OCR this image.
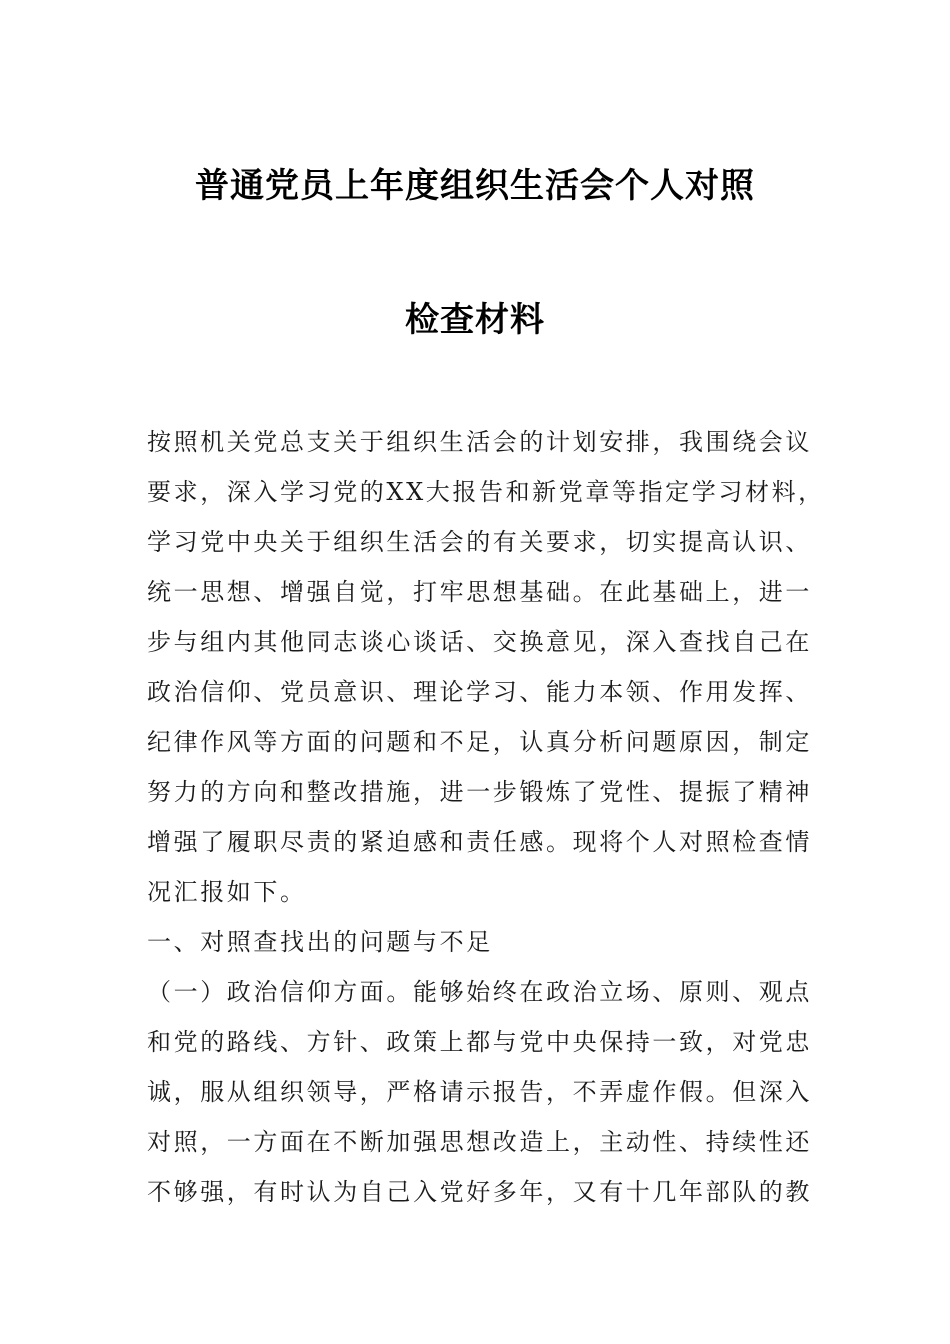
普通党员上年度组织生活会个人对照
检查材料
按照机关党总支关于组织生活会的计划安排，我围绕会议
要求，深入学习党的XX大报告和新党章等指定学习材料，
学习党中央关于组织生活会的有关要求，切实提高认识、
统一思想、增强自觉，打牢思想基础。在此基础上，进一
步与组内其他同志谈心谈话、交换意见，深入查找自己在
政治信仰、党员意识、理论学习、能力本领、作用发挥、
纪律作风等方面的问题和不足，认真分析问题原因，制定
努力的方向和整改措施，进一步锻炼了党性、提振了精神
增强了履职尽责的紧迫感和责任感。现将个人对照检查情
况汇报如下。
一、对照查找出的问题与不足
（一）政治信仰方面。能够始终在政治立场、原则、观点
和党的路线、方针、政策上都与党中央保持一致，对党忠
诚，服从组织领导，严格请示报告，不弄虚作假。但深入
对照，一方面在不断加强思想改造上，主动性、持续性还
不够强，有时认为自己入党好多年，又有十几年部队的教
